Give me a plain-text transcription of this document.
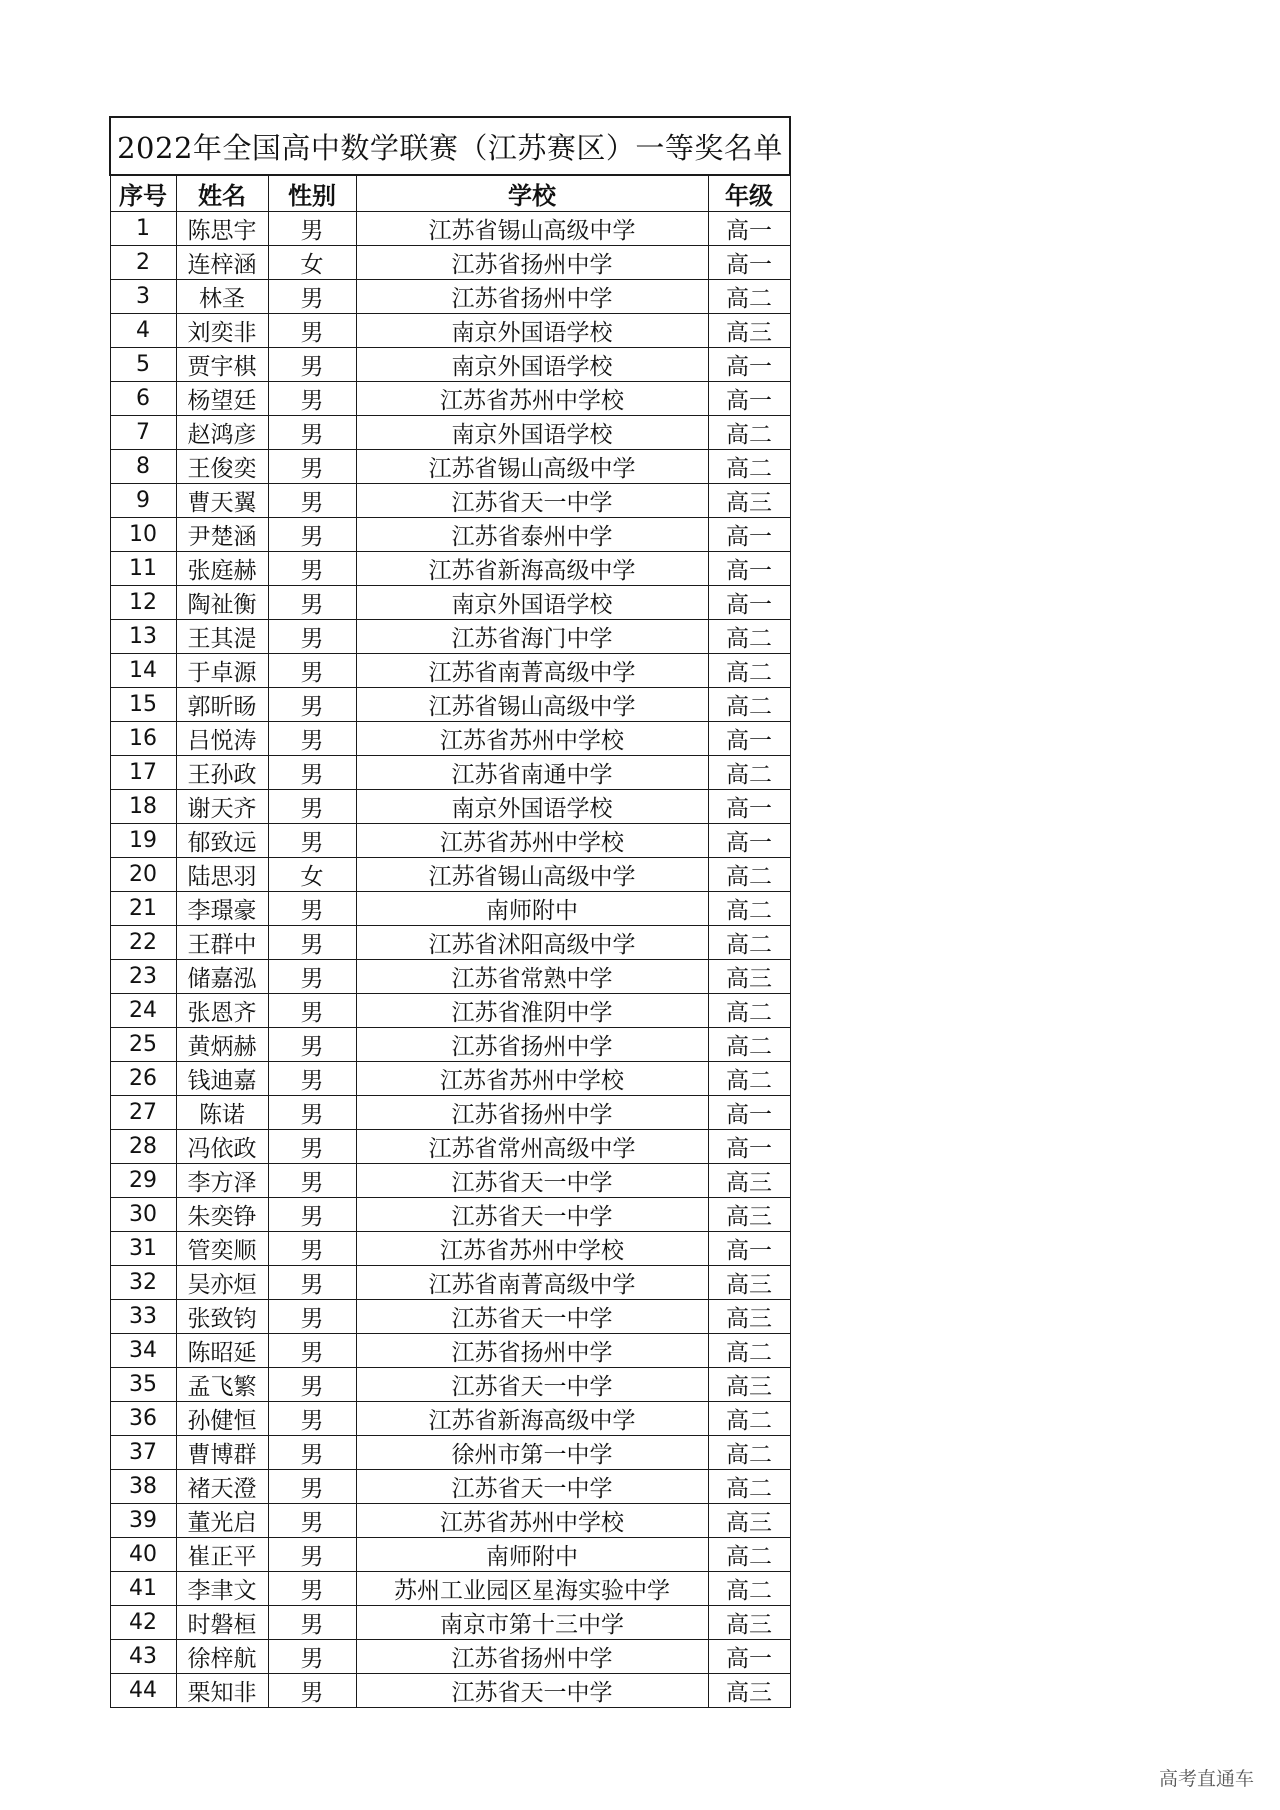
2022年全国高中数学联赛（江苏赛区）一等奖名单				
序号	姓名	性别	学校	年级
1	陈思宇	男	江苏省锡山高级中学	高一
2	连梓涵	女	江苏省扬州中学	高一
3	林圣	男	江苏省扬州中学	高二
4	刘奕非	男	南京外国语学校	高三
5	贾宇棋	男	南京外国语学校	高一
6	杨望廷	男	江苏省苏州中学校	高一
7	赵鸿彦	男	南京外国语学校	高二
8	王俊奕	男	江苏省锡山高级中学	高二
9	曹天翼	男	江苏省天一中学	高三
10	尹楚涵	男	江苏省泰州中学	高一
11	张庭赫	男	江苏省新海高级中学	高一
12	陶祉衡	男	南京外国语学校	高一
13	王其湜	男	江苏省海门中学	高二
14	于卓源	男	江苏省南菁高级中学	高二
15	郭昕旸	男	江苏省锡山高级中学	高二
16	吕悦涛	男	江苏省苏州中学校	高一
17	王孙政	男	江苏省南通中学	高二
18	谢天齐	男	南京外国语学校	高一
19	郁致远	男	江苏省苏州中学校	高一
20	陆思羽	女	江苏省锡山高级中学	高二
21	李璟豪	男	南师附中	高二
22	王群中	男	江苏省沭阳高级中学	高二
23	储嘉泓	男	江苏省常熟中学	高三
24	张恩齐	男	江苏省淮阴中学	高二
25	黄炳赫	男	江苏省扬州中学	高二
26	钱迪嘉	男	江苏省苏州中学校	高二
27	陈诺	男	江苏省扬州中学	高一
28	冯依政	男	江苏省常州高级中学	高一
29	李方泽	男	江苏省天一中学	高三
30	朱奕铮	男	江苏省天一中学	高三
31	管奕顺	男	江苏省苏州中学校	高一
32	吴亦烜	男	江苏省南菁高级中学	高三
33	张致钧	男	江苏省天一中学	高三
34	陈昭延	男	江苏省扬州中学	高二
35	孟飞繁	男	江苏省天一中学	高三
36	孙健恒	男	江苏省新海高级中学	高二
37	曹博群	男	徐州市第一中学	高二
38	褚天澄	男	江苏省天一中学	高二
39	董光启	男	江苏省苏州中学校	高三
40	崔正平	男	南师附中	高二
41	李聿文	男	苏州工业园区星海实验中学	高二
42	时磐桓	男	南京市第十三中学	高三
43	徐梓航	男	江苏省扬州中学	高一
44	栗知非	男	江苏省天一中学	高三
高考直通车
